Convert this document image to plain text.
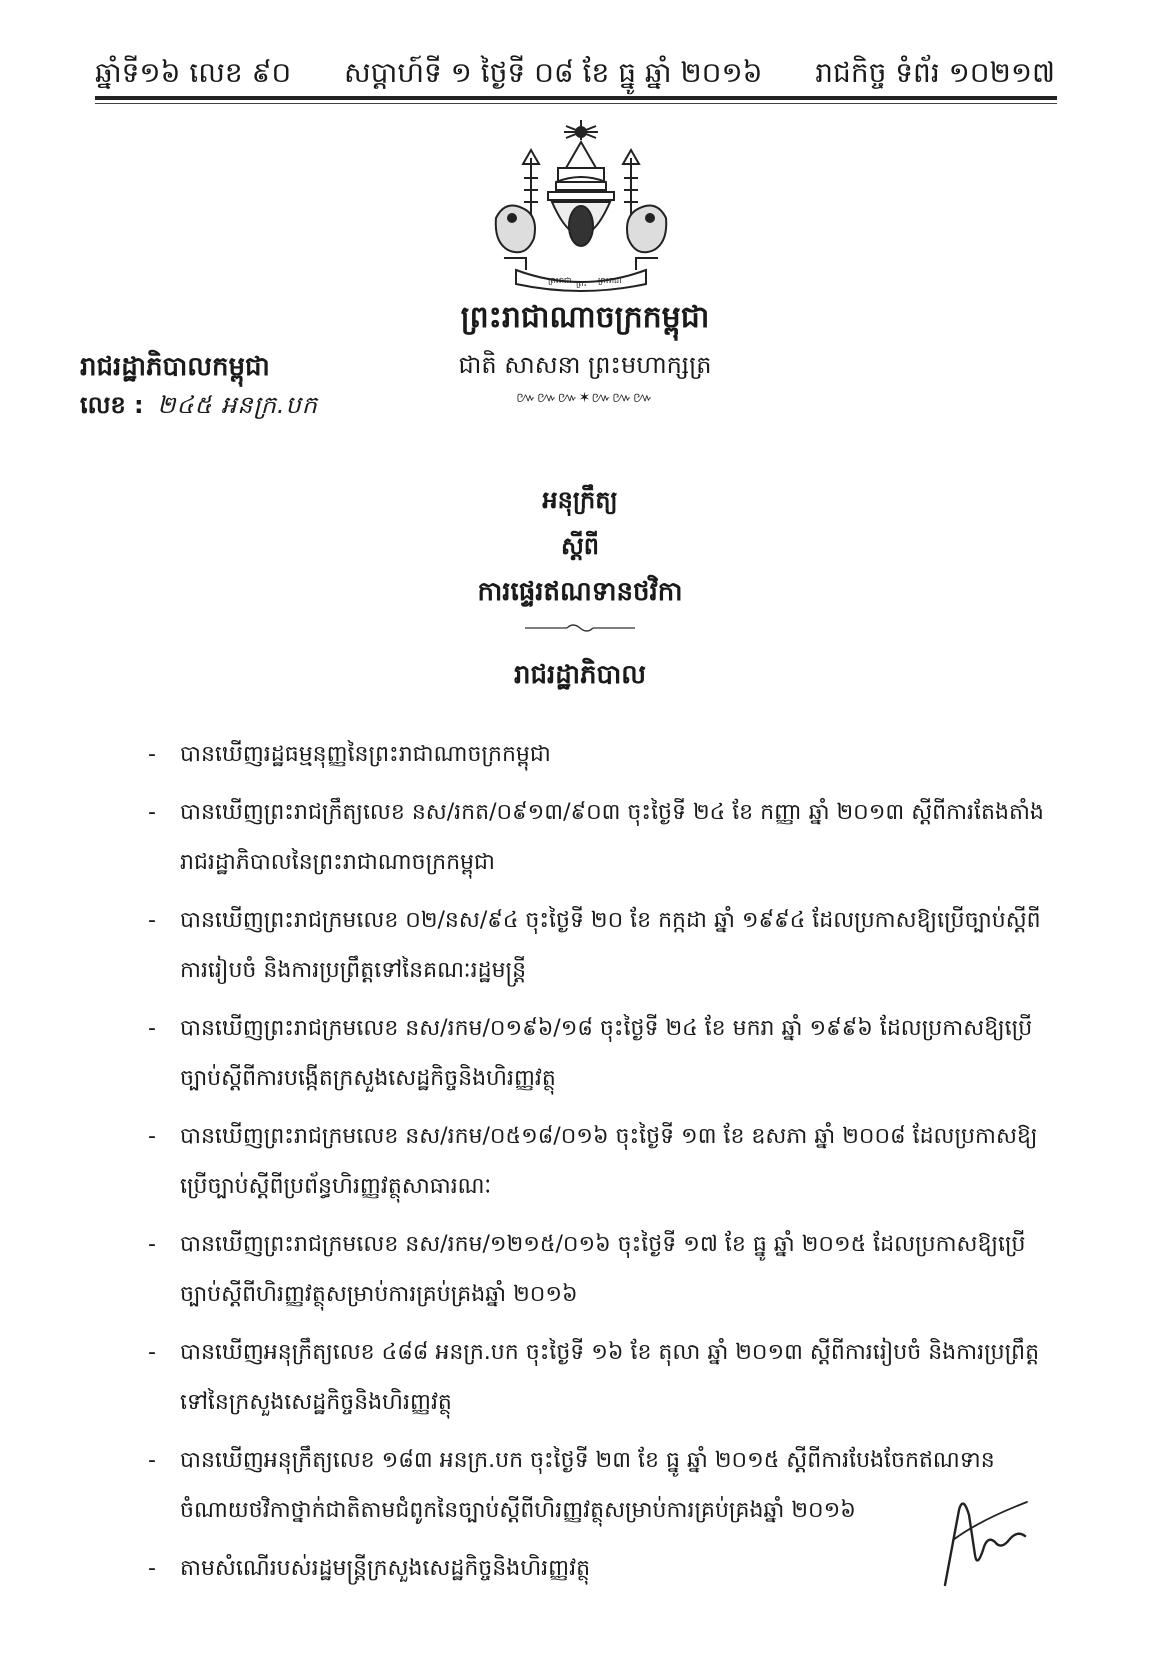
ឆ្នាំទី១៦ លេខ ៩០ សប្តាហ៍ទី ១ ថ្ងៃទី ០៨ ខែ ធ្នូ ឆ្នាំ ២០១៦ រាជកិច្ច ទំព័រ ១០២១៧
ព្រះរាជា ព្រះ ព្រះរាជា
ព្រះរាជាណាចក្រកម្ពុជា
ជាតិ សាសនា ព្រះមហាក្សត្រ
៚៚៚✶៚៚៚
រាជរដ្ឋាភិបាលកម្ពុជា
លេខ : ២៤៥ អនក្រ.បក
អនុក្រឹត្យ
ស្តីពី
ការផ្ទេរឥណទានថវិកា
រាជរដ្ឋាភិបាល
- បានឃើញរដ្ឋធម្មនុញ្ញនៃព្រះរាជាណាចក្រកម្ពុជា
- បានឃើញព្រះរាជក្រឹត្យលេខ នស/រកត/០៩១៣/៩០៣ ចុះថ្ងៃទី ២៤ ខែ កញ្ញា ឆ្នាំ ២០១៣ ស្តីពីការតែងតាំងរាជរដ្ឋាភិបាលនៃព្រះរាជាណាចក្រកម្ពុជា
- បានឃើញព្រះរាជក្រមលេខ ០២/នស/៩៤ ចុះថ្ងៃទី ២០ ខែ កក្កដា ឆ្នាំ ១៩៩៤ ដែលប្រកាសឱ្យប្រើច្បាប់ស្តីពីការរៀបចំ និងការប្រព្រឹត្តទៅនៃគណៈរដ្ឋមន្ត្រី
- បានឃើញព្រះរាជក្រមលេខ នស/រកម/០១៩៦/១៨ ចុះថ្ងៃទី ២៤ ខែ មករា ឆ្នាំ ១៩៩៦ ដែលប្រកាសឱ្យប្រើច្បាប់ស្តីពីការបង្កើតក្រសួងសេដ្ឋកិច្ចនិងហិរញ្ញវត្ថុ
- បានឃើញព្រះរាជក្រមលេខ នស/រកម/០៥១៨/០១៦ ចុះថ្ងៃទី ១៣ ខែ ឧសភា ឆ្នាំ ២០០៨ ដែលប្រកាសឱ្យប្រើច្បាប់ស្តីពីប្រព័ន្ធហិរញ្ញវត្ថុសាធារណៈ
- បានឃើញព្រះរាជក្រមលេខ នស/រកម/១២១៥/០១៦ ចុះថ្ងៃទី ១៧ ខែ ធ្នូ ឆ្នាំ ២០១៥ ដែលប្រកាសឱ្យប្រើច្បាប់ស្តីពីហិរញ្ញវត្ថុសម្រាប់ការគ្រប់គ្រងឆ្នាំ ២០១៦
- បានឃើញអនុក្រឹត្យលេខ ៤៨៨ អនក្រ.បក ចុះថ្ងៃទី ១៦ ខែ តុលា ឆ្នាំ ២០១៣ ស្តីពីការរៀបចំ និងការប្រព្រឹត្តទៅនៃក្រសួងសេដ្ឋកិច្ចនិងហិរញ្ញវត្ថុ
- បានឃើញអនុក្រឹត្យលេខ ១៨៣ អនក្រ.បក ចុះថ្ងៃទី ២៣ ខែ ធ្នូ ឆ្នាំ ២០១៥ ស្តីពីការបែងចែកឥណទានចំណាយថវិកាថ្នាក់ជាតិតាមជំពូកនៃច្បាប់ស្តីពីហិរញ្ញវត្ថុសម្រាប់ការគ្រប់គ្រងឆ្នាំ ២០១៦
- តាមសំណើរបស់រដ្ឋមន្ត្រីក្រសួងសេដ្ឋកិច្ចនិងហិរញ្ញវត្ថុ
